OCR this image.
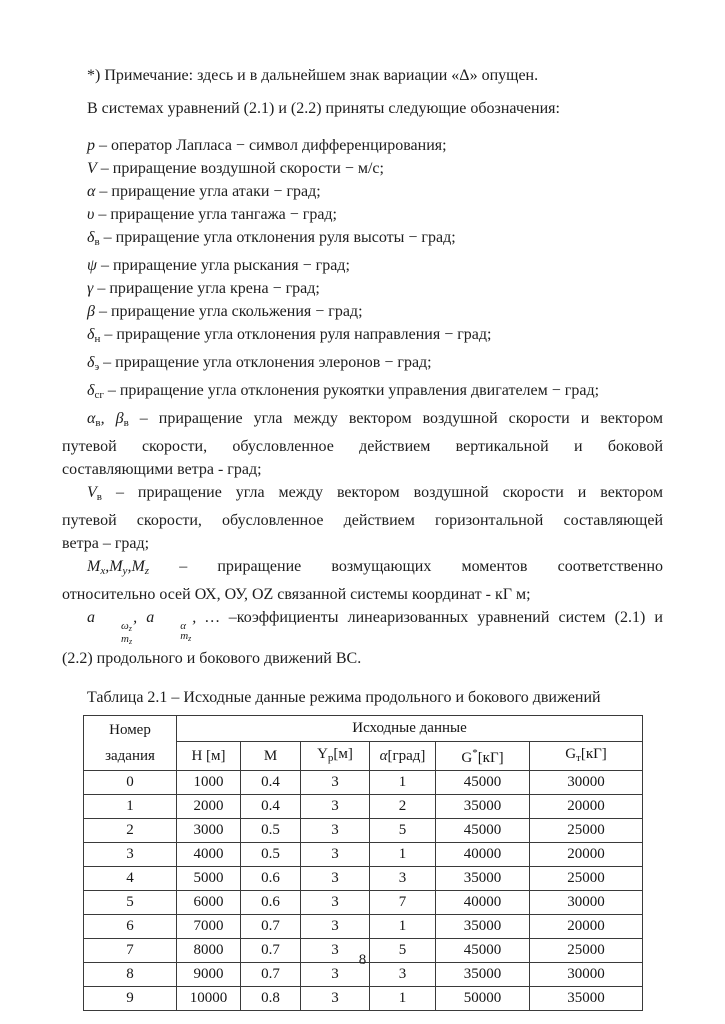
*) Примечание: здесь и в дальнейшем знак вариации «Δ» опущен.

В системах уравнений (2.1) и (2.2) приняты следующие обозначения:

p – оператор Лапласа − символ дифференцирования;

V – приращение воздушной скорости − м/с;

α – приращение угла атаки − град;

υ – приращение угла тангажа − град;

δв – приращение угла отклонения руля высоты − град;

ψ – приращение угла рыскания − град;

γ – приращение угла крена − град;

β – приращение угла скольжения − град;

δн – приращение угла отклонения руля направления − град;

δэ – приращение угла отклонения элеронов − град;

δсг – приращение угла отклонения рукоятки управления двигателем − град;

αв, βв – приращение угла между вектором воздушной скорости и вектором
путевой скорости, обусловленное действием вертикальной и боковой
составляющими ветра - град;

Vв – приращение угла между вектором воздушной скорости и вектором
путевой скорости, обусловленное действием горизонтальной составляющей
ветра – град;

Mx,My,Mz – приращение возмущающих моментов соответственно
относительно осей ОХ, ОУ, ОZ связанной системы координат - кГ м;

a	ωz
mz
, a	α
mz
, … –коэффициенты линеаризованных уравнений систем (2.1) и
(2.2) продольного и бокового движений ВС.

Таблица 2.1 – Исходные данные режима продольного и бокового движений

Номер
задания	Исходные данные					
	H [м]	M	$Y_р[м]$	α[град]	G*[кГ]	$G_т[кГ]$
0	1000	0.4	3	1	45000	30000
1	2000	0.4	3	2	35000	20000
2	3000	0.5	3	5	45000	25000
3	4000	0.5	3	1	40000	20000
4	5000	0.6	3	3	35000	25000
5	6000	0.6	3	7	40000	30000
6	7000	0.7	3	1	35000	20000
7	8000	0.7	3	5	45000	25000
8	9000	0.7	3	3	35000	30000
9	10000	0.8	3	1	50000	35000
8
